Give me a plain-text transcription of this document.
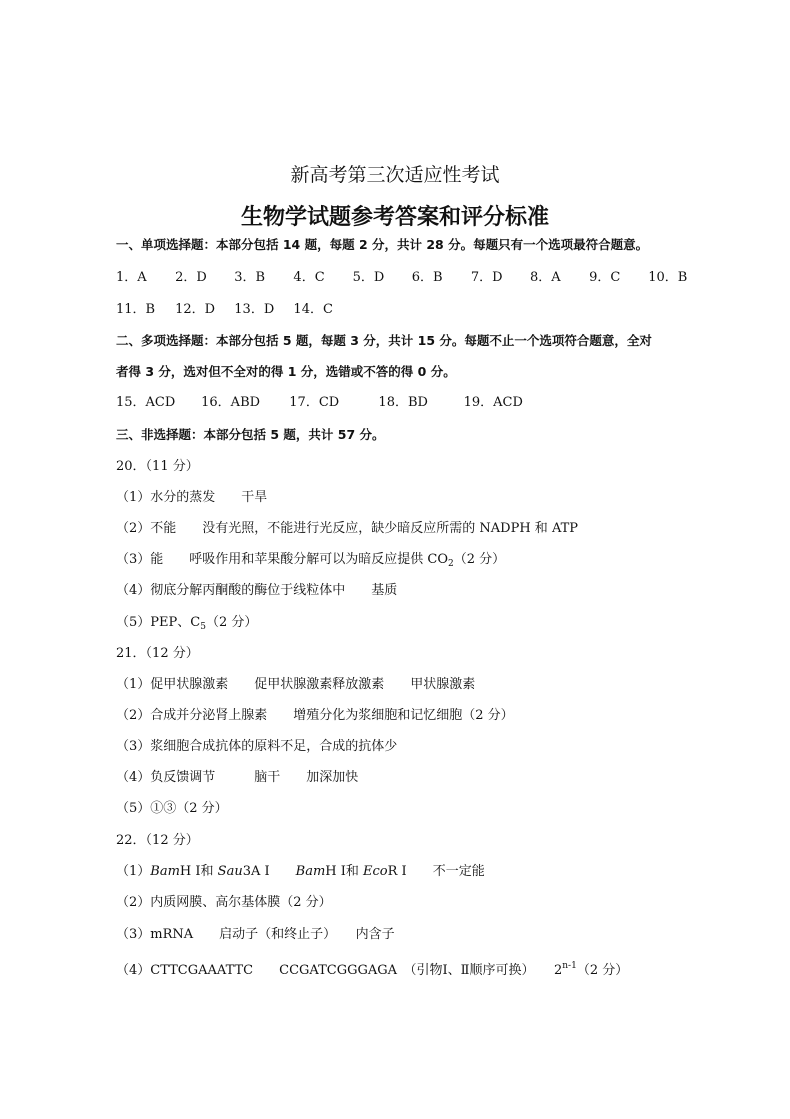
新高考第三次适应性考试
生物学试题参考答案和评分标准
一、单项选择题：本部分包括 14 题，每题 2 分，共计 28 分。每题只有一个选项最符合题意。
1．A 2．D 3．B 4．C 5．D 6．B 7．D 8．A 9．C 10．B
11．B 12．D 13．D 14．C
二、多项选择题：本部分包括 5 题，每题 3 分，共计 15 分。每题不止一个选项符合题意，全对
者得 3 分，选对但不全对的得 1 分，选错或不答的得 0 分。
15．ACD 16．ABD 17．CD	18．BD	19．ACD
三、非选择题：本部分包括 5 题，共计 57 分。
20．（11 分）
（1）水分的蒸发　　干旱
（2）不能　　没有光照，不能进行光反应，缺少暗反应所需的 NADPH 和 ATP
（3）能　　呼吸作用和苹果酸分解可以为暗反应提供 $CO_2(2$ 分）
（4）彻底分解丙酮酸的酶位于线粒体中　　基质
（5）PEP、$C_5(2$ 分）
21．（12 分）
（1）促甲状腺激素　　促甲状腺激素释放激素　　甲状腺激素
（2）合成并分泌肾上腺素　　增殖分化为浆细胞和记忆细胞（2 分）
（3）浆细胞合成抗体的原料不足，合成的抗体少
（4）负反馈调节　　　脑干　　加深加快
（5）①③（2 分）
22．（12 分）
（1）BamH Ⅰ和 Sau3A Ⅰ　　BamH Ⅰ和 EcoR Ⅰ　　不一定能
（2）内质网膜、高尔基体膜（2 分）
（3）mRNA　　启动子（和终止子）　　内含子
（4）CTTCGAAATTC　　CCGATCGGGAGA　（引物Ⅰ、Ⅱ顺序可换）　　2$^{n-1}$（2 分）
